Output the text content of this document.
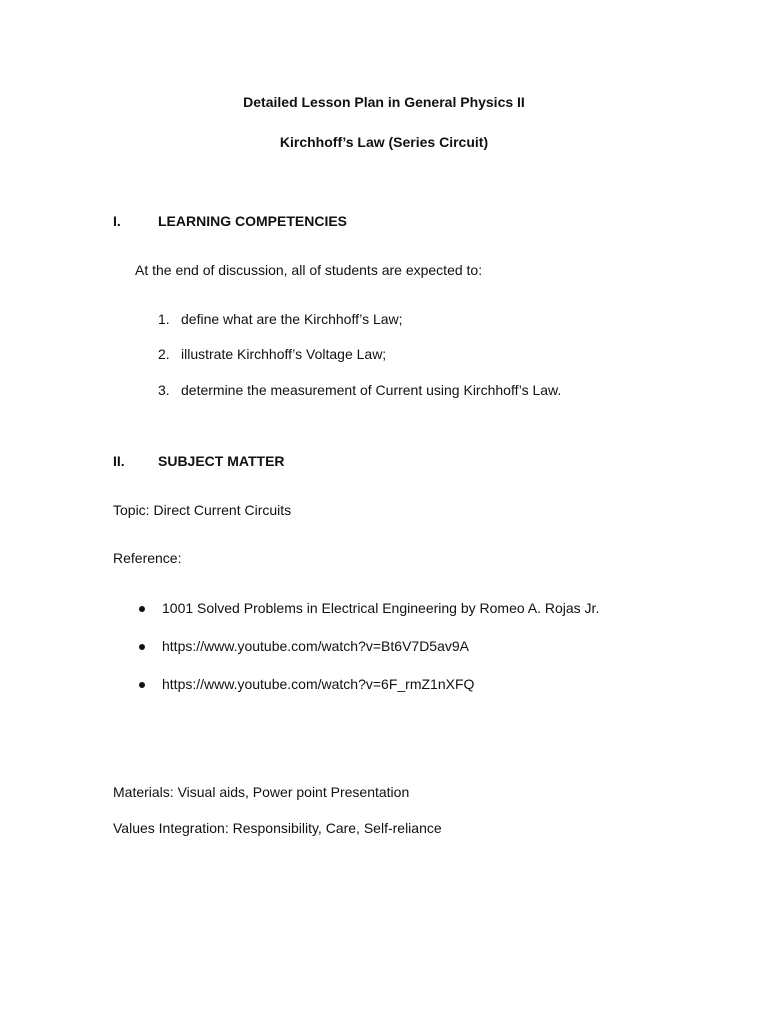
Detailed Lesson Plan in General Physics II
Kirchhoff’s Law (Series Circuit)
I.	LEARNING COMPETENCIES
At the end of discussion, all of students are expected to:
1. define what are the Kirchhoff’s Law;
2. illustrate Kirchhoff’s Voltage Law;
3. determine the measurement of Current using Kirchhoff’s Law.
II. SUBJECT MATTER
Topic: Direct Current Circuits
Reference:
1001 Solved Problems in Electrical Engineering by Romeo A. Rojas Jr.
https://www.youtube.com/watch?v=Bt6V7D5av9A
https://www.youtube.com/watch?v=6F_rmZ1nXFQ
Materials: Visual aids, Power point Presentation
Values Integration: Responsibility, Care, Self-reliance
